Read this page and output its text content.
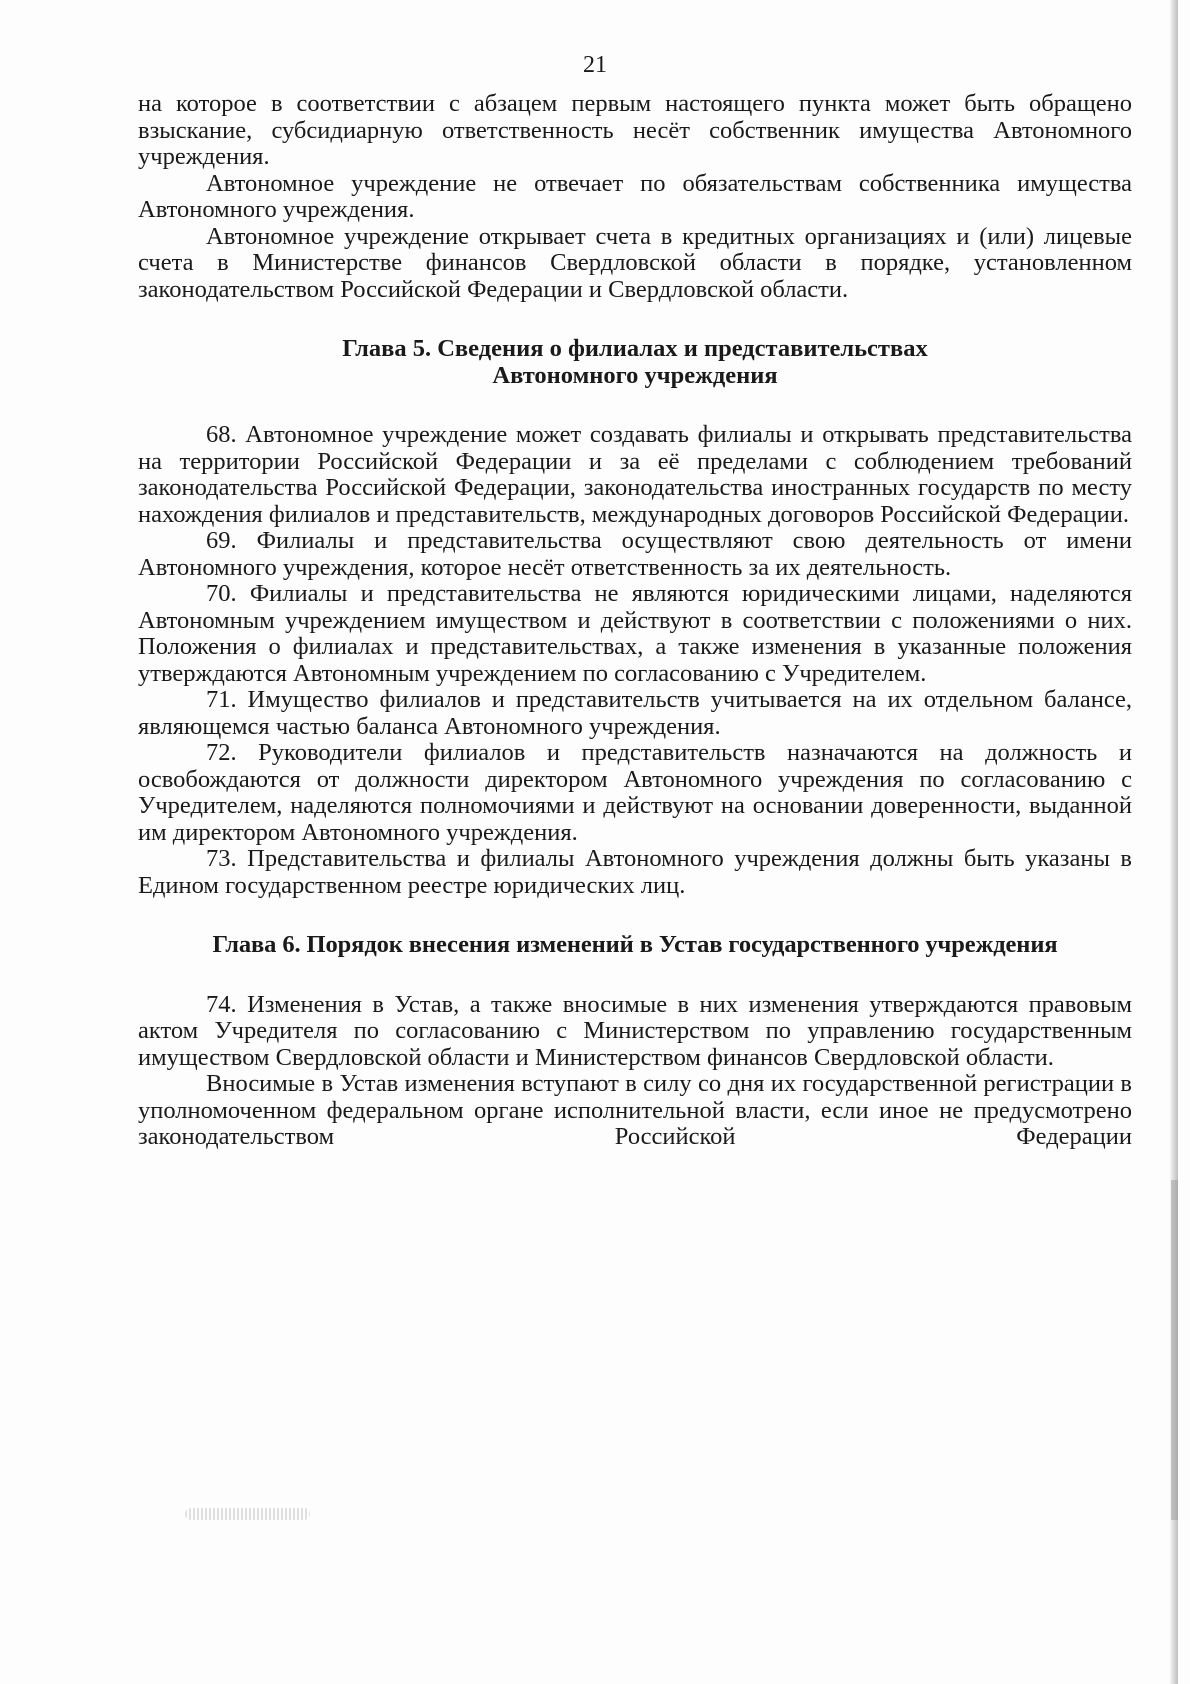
21

на которое в соответствии с абзацем первым настоящего пункта может быть обращено взыскание, субсидиарную ответственность несёт собственник имущества Автономного учреждения.

Автономное учреждение не отвечает по обязательствам собственника имущества Автономного учреждения.

Автономное учреждение открывает счета в кредитных организациях и (или) лицевые счета в Министерстве финансов Свердловской области в порядке, установленном законодательством Российской Федерации и Свердловской области.

Глава 5. Сведения о филиалах и представительствах
Автономного учреждения

68. Автономное учреждение может создавать филиалы и открывать представительства на территории Российской Федерации и за её пределами с соблюдением требований законодательства Российской Федерации, законодательства иностранных государств по месту нахождения филиалов и представительств, международных договоров Российской Федерации.

69. Филиалы и представительства осуществляют свою деятельность от имени Автономного учреждения, которое несёт ответственность за их деятельность.

70. Филиалы и представительства не являются юридическими лицами, наделяются Автономным учреждением имуществом и действуют в соответствии с положениями о них. Положения о филиалах и представительствах, а также изменения в указанные положения утверждаются Автономным учреждением по согласованию с Учредителем.

71. Имущество филиалов и представительств учитывается на их отдельном балансе, являющемся частью баланса Автономного учреждения.

72. Руководители филиалов и представительств назначаются на должность и освобождаются от должности директором Автономного учреждения по согласованию с Учредителем, наделяются полномочиями и действуют на основании доверенности, выданной им директором Автономного учреждения.

73. Представительства и филиалы Автономного учреждения должны быть указаны в Едином государственном реестре юридических лиц.

Глава 6. Порядок внесения изменений в Устав государственного учреждения

74. Изменения в Устав, а также вносимые в них изменения утверждаются правовым актом Учредителя по согласованию с Министерством по управлению государственным имуществом Свердловской области и Министерством финансов Свердловской области.

Вносимые в Устав изменения вступают в силу со дня их государственной регистрации в уполномоченном федеральном органе исполнительной власти, если иное не предусмотрено законодательством Российской Федерации
